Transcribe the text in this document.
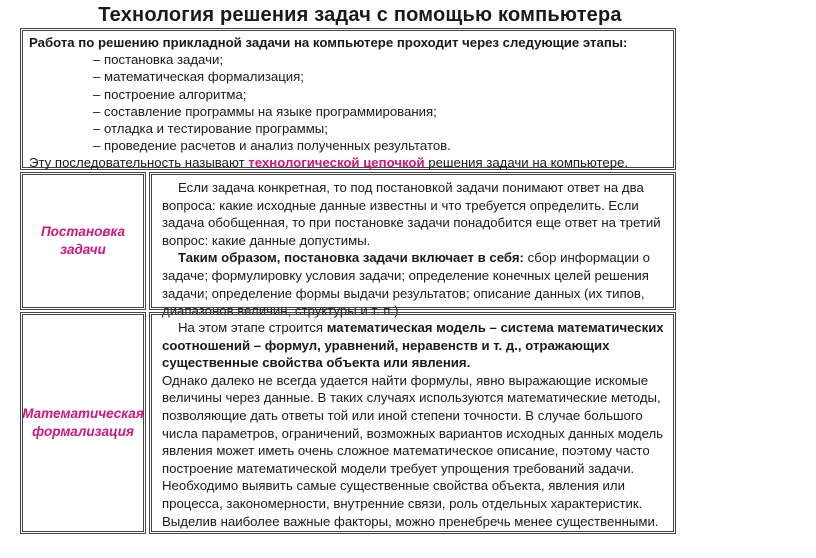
Технология решения задач с помощью компьютера
Работа по решению прикладной задачи на компьютере проходит через следующие этапы:
– постановка задачи;
– математическая формализация;
– построение алгоритма;
– составление программы на языке программирования;
– отладка и тестирование программы;
– проведение расчетов и анализ полученных результатов.
Эту последовательность называют технологической цепочкой решения задачи на компьютере.
Постановка задачи

Если задача конкретная, то под постановкой задачи понимают ответ на два вопроса: какие исходные данные известны и что требуется определить. Если задача обобщенная, то при постановке задачи понадобится еще ответ на третий вопрос: какие данные допустимы.

Таким образом, постановка задачи включает в себя: сбор информации о задаче; формулировку условия задачи; определение конечных целей решения задачи; определение формы выдачи результатов; описание данных (их типов, диапазонов величин, структуры и т. п.)

Математическая формализация

На этом этапе строится математическая модель – система математических соотношений – формул, уравнений, неравенств и т. д., отражающих существенные свойства объекта или явления.

Однако далеко не всегда удается найти формулы, явно выражающие искомые величины через данные. В таких случаях используются математические методы, позволяющие дать ответы той или иной степени точности. В случае большого числа параметров, ограничений, возможных вариантов исходных данных модель явления может иметь очень сложное математическое описание, поэтому часто построение математической модели требует упрощения требований задачи. Необходимо выявить самые существенные свойства объекта, явления или процесса, закономерности, внутренние связи, роль отдельных характеристик. Выделив наиболее важные факторы, можно пренебречь менее существенными.
